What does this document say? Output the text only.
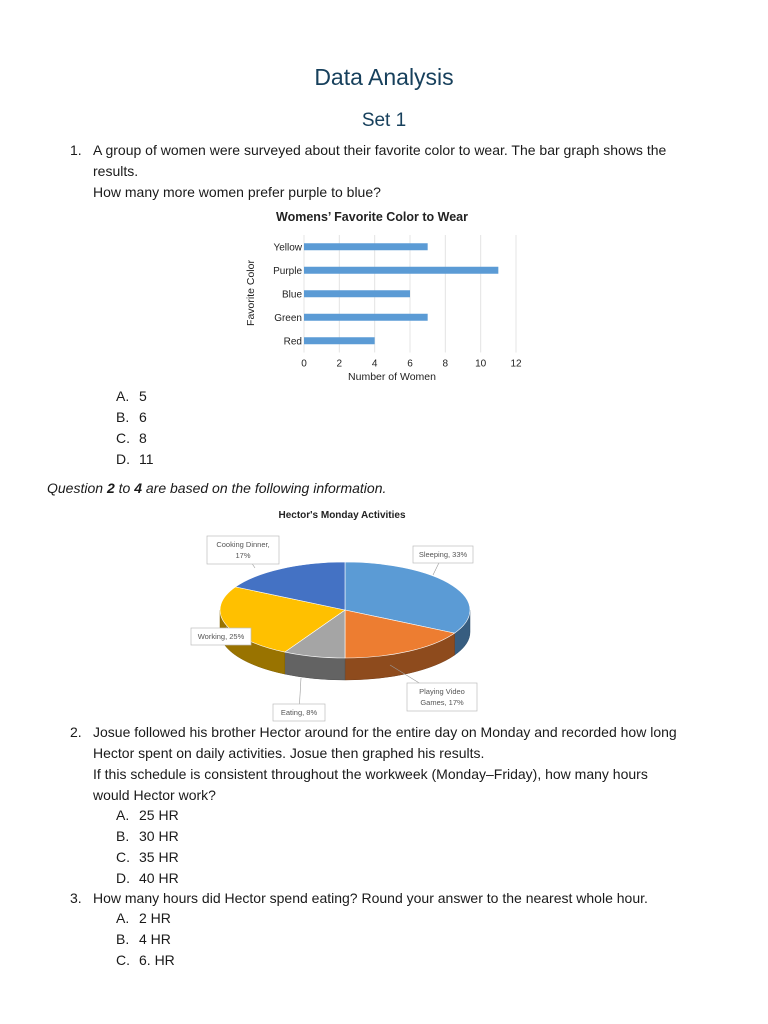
Data Analysis
Set 1
1. A group of women were surveyed about their favorite color to wear. The bar graph shows the
results.
How many more women prefer purple to blue?
Womens’ Favorite Color to Wear
Yellow
Purple
Blue
Green
Red
0	2	4	6	8	10 12
Number of Women
Favorite Color
A. 5
B. 6
C. 8
D. 11
Question 2 to 4 are based on the following information.
Hector's Monday Activities
Sleeping, 33%
Playing Video
Games, 17%
Eating, 8%
Working, 25%
Cooking Dinner,
17%
2. Josue followed his brother Hector around for the entire day on Monday and recorded how long
Hector spent on daily activities. Josue then graphed his results.
If this schedule is consistent throughout the workweek (Monday–Friday), how many hours
would Hector work?
A. 25 HR
B. 30 HR
C. 35 HR
D. 40 HR
3. How many hours did Hector spend eating? Round your answer to the nearest whole hour.
A. 2 HR
B. 4 HR
C. 6. HR
